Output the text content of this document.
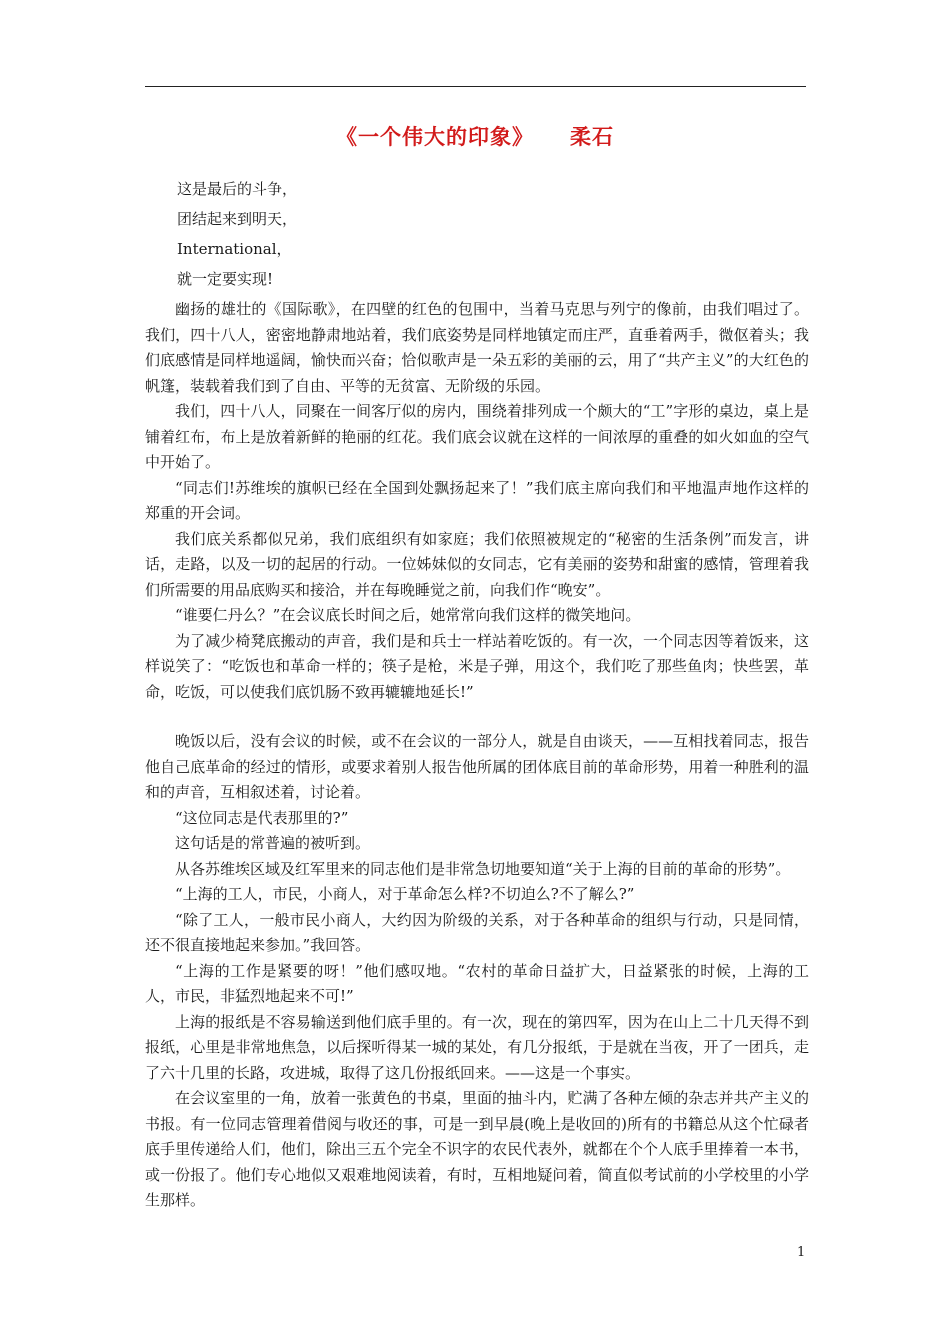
《一个伟大的印象》 柔石
这是最后的斗争，
团结起来到明天，
International，
就一定要实现!

幽扬的雄壮的《国际歌》，在四壁的红色的包围中，当着马克思与列宁的像前，由我们唱过了。我们，四十八人，密密地静肃地站着，我们底姿势是同样地镇定而庄严，直垂着两手，微伛着头；我们底感情是同样地遥阔，愉快而兴奋；恰似歌声是一朵五彩的美丽的云，用了“共产主义”的大红色的帆篷，装载着我们到了自由、平等的无贫富、无阶级的乐园。

我们，四十八人，同聚在一间客厅似的房内，围绕着排列成一个颇大的“工”字形的桌边，桌上是铺着红布，布上是放着新鲜的艳丽的红花。我们底会议就在这样的一间浓厚的重叠的如火如血的空气中开始了。

“同志们!苏维埃的旗帜已经在全国到处飘扬起来了！”我们底主席向我们和平地温声地作这样的郑重的开会词。

我们底关系都似兄弟，我们底组织有如家庭；我们依照被规定的“秘密的生活条例”而发言，讲话，走路，以及一切的起居的行动。一位姊妹似的女同志，它有美丽的姿势和甜蜜的感情，管理着我们所需要的用品底购买和接洽，并在每晚睡觉之前，向我们作“晚安”。

“谁要仁丹么？”在会议底长时间之后，她常常向我们这样的微笑地问。

为了减少椅凳底搬动的声音，我们是和兵士一样站着吃饭的。有一次，一个同志因等着饭来，这样说笑了：“吃饭也和革命一样的；筷子是枪，米是子弹，用这个，我们吃了那些鱼肉；快些罢，革命，吃饭，可以使我们底饥肠不致再辘辘地延长!”

晚饭以后，没有会议的时候，或不在会议的一部分人，就是自由谈天，——互相找着同志，报告他自己底革命的经过的情形，或要求着别人报告他所属的团体底目前的革命形势，用着一种胜利的温和的声音，互相叙述着，讨论着。

“这位同志是代表那里的?”

这句话是的常普遍的被听到。

从各苏维埃区域及红军里来的同志他们是非常急切地要知道“关于上海的目前的革命的形势”。

“上海的工人，市民，小商人，对于革命怎么样?不切迫么?不了解么?”

“除了工人，一般市民小商人，大约因为阶级的关系，对于各种革命的组织与行动，只是同情，还不很直接地起来参加。”我回答。

“上海的工作是紧要的呀！”他们感叹地。“农村的革命日益扩大，日益紧张的时候，上海的工人，市民，非猛烈地起来不可!”

上海的报纸是不容易输送到他们底手里的。有一次，现在的第四军，因为在山上二十几天得不到报纸，心里是非常地焦急，以后探听得某一城的某处，有几分报纸，于是就在当夜，开了一团兵，走了六十几里的长路，攻进城，取得了这几份报纸回来。——这是一个事实。

在会议室里的一角，放着一张黄色的书桌，里面的抽斗内，贮满了各种左倾的杂志并共产主义的书报。有一位同志管理着借阅与收还的事，可是一到早晨(晚上是收回的)所有的书籍总从这个忙碌者底手里传递给人们，他们，除出三五个完全不识字的农民代表外，就都在个个人底手里捧着一本书，或一份报了。他们专心地似又艰难地阅读着，有时，互相地疑问着，简直似考试前的小学校里的小学生那样。

1
